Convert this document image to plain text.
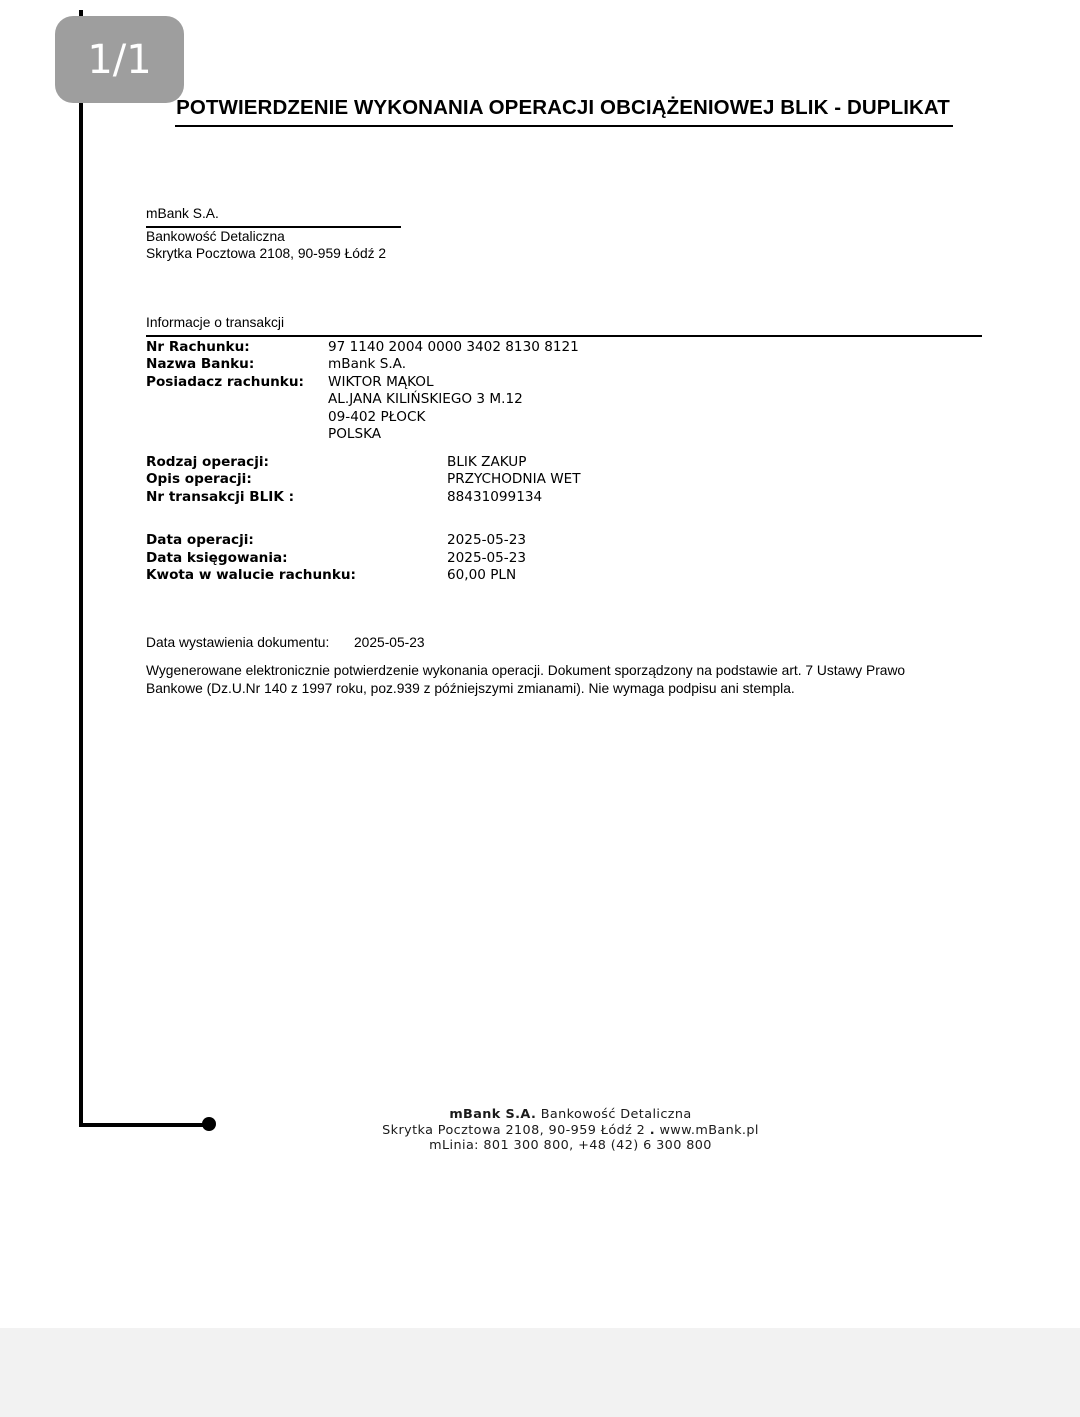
1/1
POTWIERDZENIE WYKONANIA OPERACJI OBCIĄŻENIOWEJ BLIK - DUPLIKAT
mBank S.A.
Bankowość Detaliczna
Skrytka Pocztowa 2108, 90-959 Łódź 2
Informacje o transakcji
Nr Rachunku:	97 1140 2004 0000 3402 8130 8121
Nazwa Banku:	mBank S.A.
Posiadacz rachunku: WIKTOR MĄKOL
AL.JANA KILIŃSKIEGO 3 M.12
09-402 PŁOCK
POLSKA
Rodzaj operacji:	BLIK ZAKUP
Opis operacji:	PRZYCHODNIA WET
Nr transakcji BLIK :	88431099134
Data operacji:	2025-05-23
Data księgowania:	2025-05-23
Kwota w walucie rachunku:	60,00 PLN
Data wystawienia dokumentu: 2025-05-23
Wygenerowane elektronicznie potwierdzenie wykonania operacji. Dokument sporządzony na podstawie art. 7 Ustawy Prawo
Bankowe (Dz.U.Nr 140 z 1997 roku, poz.939 z późniejszymi zmianami). Nie wymaga podpisu ani stempla.
mBank S.A. Bankowość Detaliczna
Skrytka Pocztowa 2108, 90-959 Łódź 2 . www.mBank.pl
mLinia: 801 300 800, +48 (42) 6 300 800
